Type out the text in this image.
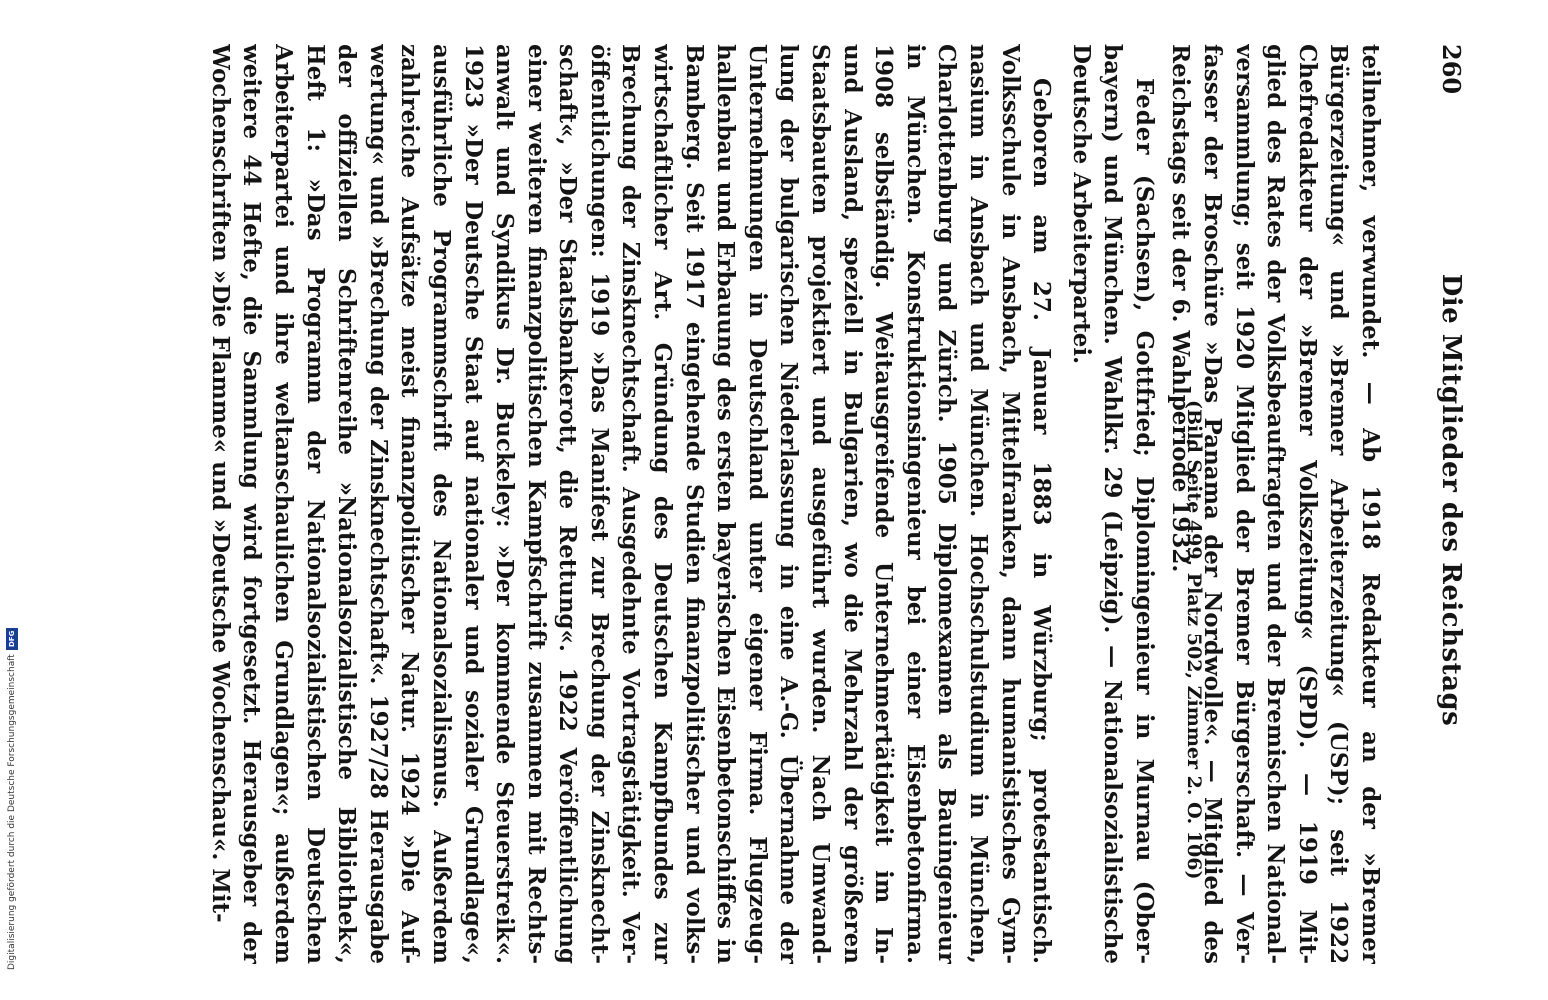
Die Mitglieder des Reichstags
260
teilnehmer, verwundet. — Ab 1918 Redakteur an der »Bremer
Bürgerzeitung« und »Bremer Arbeiterzeitung« (USP); seit 1922
Chefredakteur der »Bremer Volkszeitung« (SPD). — 1919 Mit-
glied des Rates der Volksbeauftragten und der Bremischen National-
versammlung; seit 1920 Mitglied der Bremer Bürgerschaft. — Ver-
fasser der Broschüre »Das Panama der Nordwolle«. — Mitglied des
Reichstags seit der 6. Wahlperiode 1932.
(Bild Seite 499, Platz 502, Zimmer 2. O. 106)
Feder (Sachsen), Gottfried; Diplomingenieur in Murnau (Ober-
bayern) und München. Wahlkr. 29 (Leipzig). — Nationalsozialistische
Deutsche Arbeiterpartei.
Geboren am 27. Januar 1883 in Würzburg; protestantisch.
Volksschule in Ansbach, Mittelfranken, dann humanistisches Gym-
nasium in Ansbach und München. Hochschulstudium in München,
Charlottenburg und Zürich. 1905 Diplomexamen als Bauingenieur
in München. Konstruktionsingenieur bei einer Eisenbetonfirma.
1908 selbständig. Weitausgreifende Unternehmertätigkeit im In-
und Ausland, speziell in Bulgarien, wo die Mehrzahl der größeren
Staatsbauten projektiert und ausgeführt wurden. Nach Umwand-
lung der bulgarischen Niederlassung in eine A.-G. Übernahme der
Unternehmungen in Deutschland unter eigener Firma. Flugzeug-
hallenbau und Erbauung des ersten bayerischen Eisenbetonschiffes in
Bamberg. Seit 1917 eingehende Studien finanzpolitischer und volks-
wirtschaftlicher Art. Gründung des Deutschen Kampfbundes zur
Brechung der Zinsknechtschaft. Ausgedehnte Vortragstätigkeit. Ver-
öffentlichungen: 1919 »Das Manifest zur Brechung der Zinsknecht-
schaft«, »Der Staatsbankerott, die Rettung«. 1922 Veröffentlichung
einer weiteren finanzpolitischen Kampfschrift zusammen mit Rechts-
anwalt und Syndikus Dr. Buckeley: »Der kommende Steuerstreik«.
1923 »Der Deutsche Staat auf nationaler und sozialer Grundlage«,
ausführliche Programmschrift des Nationalsozialismus. Außerdem
zahlreiche Aufsätze meist finanzpolitischer Natur. 1924 »Die Auf-
wertung« und »Brechung der Zinsknechtschaft«. 1927/28 Herausgabe
der offiziellen Schriftenreihe »Nationalsozialistische Bibliothek«,
Heft 1: »Das Programm der Nationalsozialistischen Deutschen
Arbeiterpartei und ihre weltanschaulichen Grundlagen«; außerdem
weitere 44 Hefte, die Sammlung wird fortgesetzt. Herausgeber der
Wochenschriften »Die Flamme« und »Deutsche Wochenschau«. Mit-
Digitalisierung gefördert durch die Deutsche Forschungsgemeinschaft
DFG
